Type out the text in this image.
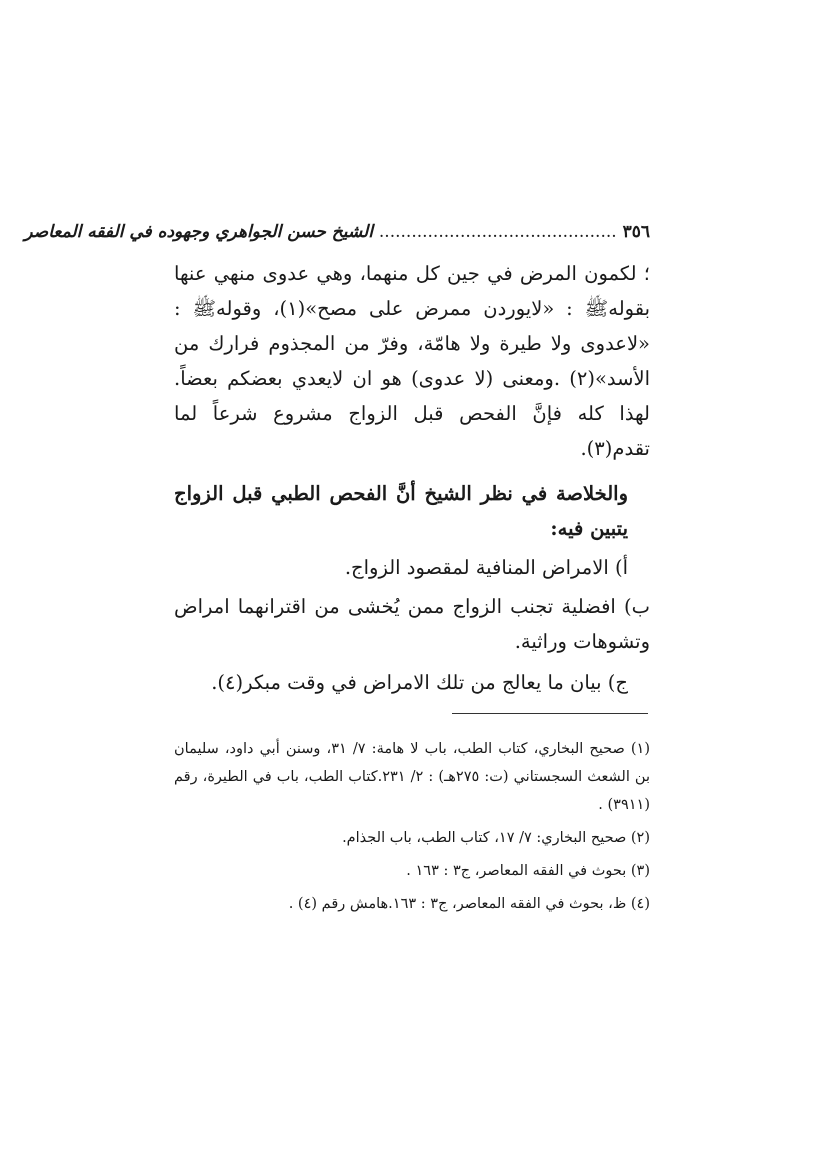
٣٥٦ ............................................ الشيخ حسن الجواهري وجهوده في الفقه المعاصر

؛ لكمون المرض في جين كل منهما، وهي عدوى منهي عنها بقولهﷺ : «لايوردن ممرض على مصح»(١)، وقولهﷺ : «لاعدوى ولا طيرة ولا هامّة، وفرّ من المجذوم فرارك من الأسد»(٢) .ومعنى (لا عدوى) هو ان لايعدي بعضكم بعضاً. لهذا كله فإنَّ الفحص قبل الزواج مشروع شرعاً لما تقدم(٣).

والخلاصة في نظر الشيخ أنَّ الفحص الطبي قبل الزواج يتبين فيه:

أ) الامراض المنافية لمقصود الزواج.

ب) افضلية تجنب الزواج ممن يُخشى من اقترانهما امراض وتشوهات وراثية.

ج) بيان ما يعالج من تلك الامراض في وقت مبكر(٤).

(١) صحيح البخاري، كتاب الطب، باب لا هامة: ٧/ ٣١، وسنن أبي داود، سليمان بن الشعث السجستاني (ت: ٢٧٥هـ) : ٢/ ٢٣١.كتاب الطب، باب في الطيرة، رقم (٣٩١١) .

(٢) صحيح البخاري: ٧/ ١٧، كتاب الطب، باب الجذام.

(٣) بحوث في الفقه المعاصر، ج٣ : ١٦٣ .

(٤) ظ، بحوث في الفقه المعاصر، ج٣ : ١٦٣.هامش رقم (٤) .
